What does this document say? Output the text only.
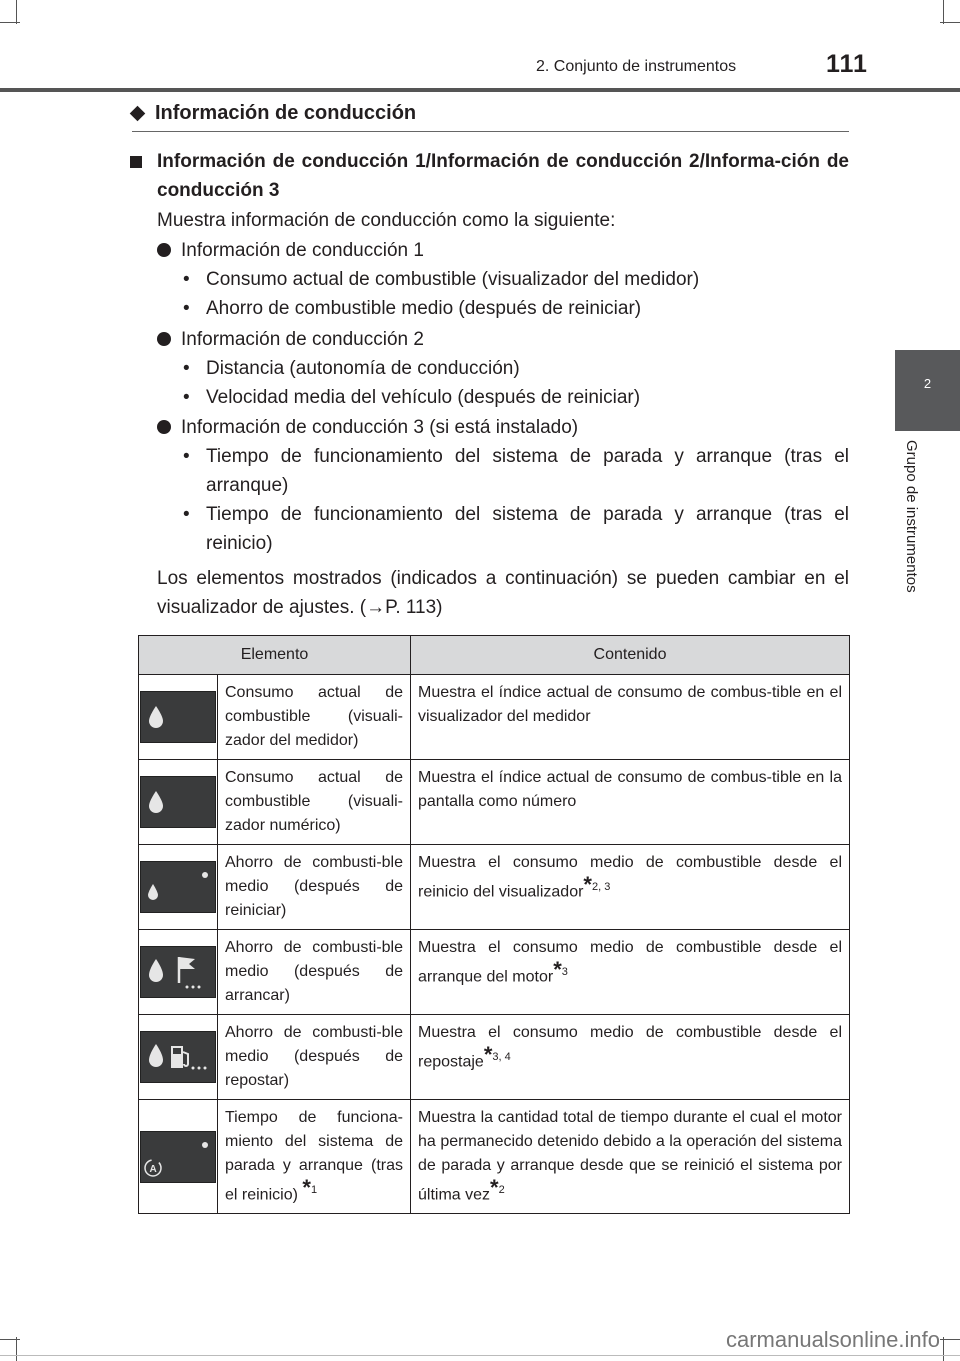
2. Conjunto de instrumentos	111
2
Grupo de instrumentos
Información de conducción
Información de conducción 1/Información de conducción 2/Informa-ción de conducción 3
Muestra información de conducción como la siguiente:
Información de conducción 1
• Consumo actual de combustible (visualizador del medidor)
• Ahorro de combustible medio (después de reiniciar)
Información de conducción 2
• Distancia (autonomía de conducción)
• Velocidad media del vehículo (después de reiniciar)
Información de conducción 3 (si está instalado)
• Tiempo de funcionamiento del sistema de parada y arranque (tras el arranque)
• Tiempo de funcionamiento del sistema de parada y arranque (tras el reinicio)
Los elementos mostrados (indicados a continuación) se pueden cambiar en el visualizador de ajustes. (→P. 113)
Elemento		Contenido

	Consumo actual de combustible (visuali-zador del medidor)	Muestra el índice actual de consumo de combus-tible en el visualizador del medidor

	Consumo actual de combustible (visuali-zador numérico)	Muestra el índice actual de consumo de combus-tible en la pantalla como número

	Ahorro de combusti-ble medio (después de reiniciar)	Muestra el consumo medio de combustible desde el reinicio del visualizador*$^{2, 3}$

	Ahorro de combusti-ble medio (después de arrancar)	Muestra el consumo medio de combustible desde el arranque del motor*$^3$

	Ahorro de combusti-ble medio (después de repostar)	Muestra el consumo medio de combustible desde el repostaje*$^{3, 4}$

A	Tiempo de funciona-miento del sistema de parada y arranque (tras el reinicio) *$^1$	Muestra la cantidad total de tiempo durante el cual el motor ha permanecido detenido debido a la operación del sistema de parada y arranque desde que se reinició el sistema por última vez*$^2$
carmanualsonline.info
